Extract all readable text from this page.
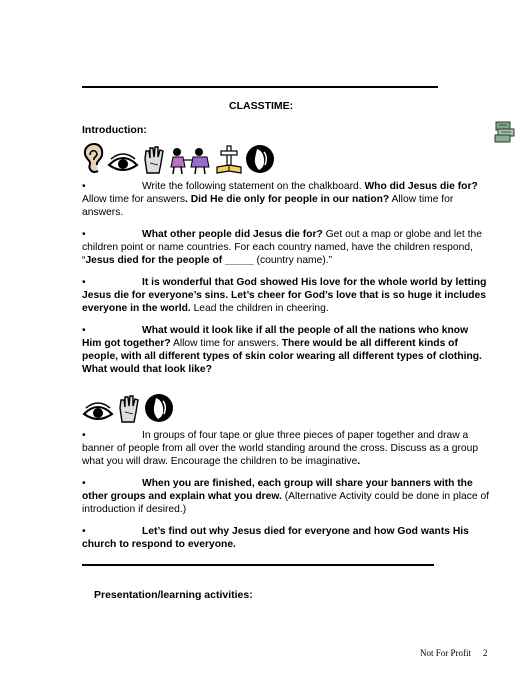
CLASSTIME:
Introduction:
•	Write the following statement on the chalkboard. Who did Jesus die for? Allow time for answers. Did He die only for people in our nation? Allow time for answers.
•	What other people did Jesus die for? Get out a map or globe and let the children point or name countries. For each country named, have the children respond, “Jesus died for the people of _____ (country name).”
•	It is wonderful that God showed His love for the whole world by letting Jesus die for everyone’s sins. Let’s cheer for God’s love that is so huge it includes everyone in the world. Lead the children in cheering.
•	What would it look like if all the people of all the nations who know Him got together? Allow time for answers. There would be all different kinds of people, with all different types of skin color wearing all different types of clothing. What would that look like?
•	In groups of four tape or glue three pieces of paper together and draw a banner of people from all over the world standing around the cross. Discuss as a group what you will draw. Encourage the children to be imaginative.
•	When you are finished, each group will share your banners with the other groups and explain what you drew. (Alternative Activity could be done in place of introduction if desired.)
•	Let’s find out why Jesus died for everyone and how God wants His church to respond to everyone.
Presentation/learning activities:
Not For Profit 2
